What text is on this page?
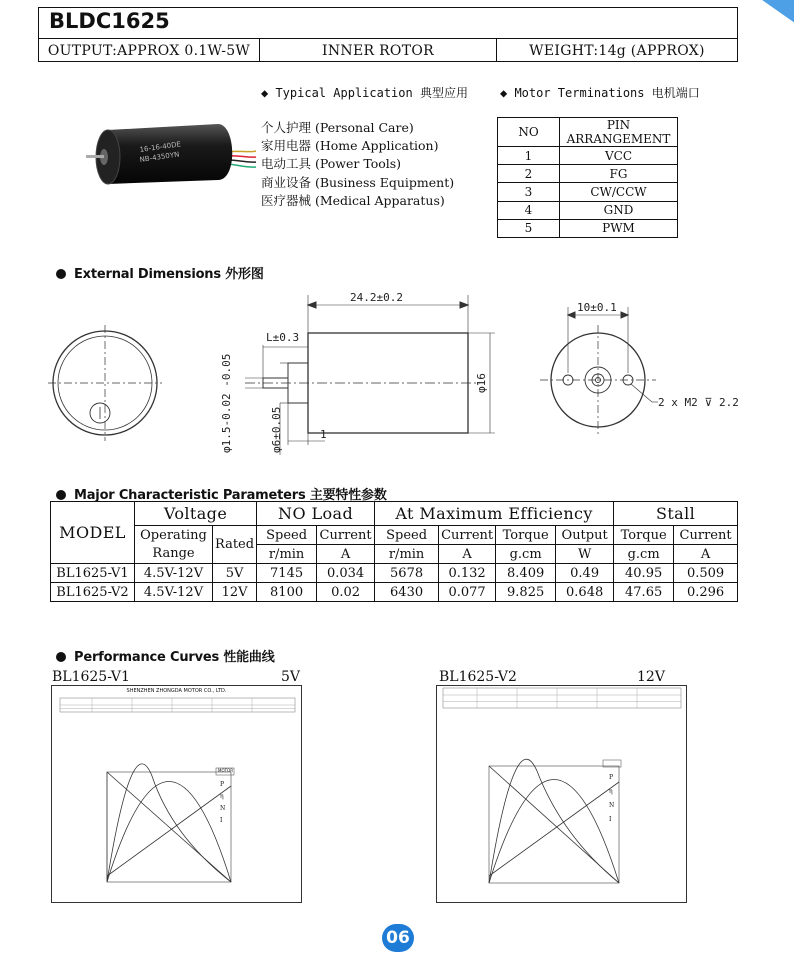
BLDC1625
OUTPUT:APPROX 0.1W-5W	INNER ROTOR	WEIGHT:14g (APPROX)
◆ Typical Application 典型应用	◆ Motor Terminations 电机端口
16-16-40DE
NB-4350YN
个人护理 (Personal Care)
家用电器 (Home Application)
电动工具 (Power Tools)
商业设备 (Business Equipment)
医疗器械 (Medical Apparatus)
NO	PIN ARRANGEMENT
1	VCC
2	FG
3	CW/CCW
4	GND
5	PWM
External Dimensions 外形图
24.2±0.2
L±0.3
φ16
φ1.5-0.02 -0.05	φ6±0.05	1
10±0.1
2 x M2 ⊽ 2.2
Major Characteristic Parameters 主要特性参数
MODEL	Voltage		NO Load		At Maximum Efficiency				Stall	
	Operating	Rated	Speed	Current	Speed	Current	Torque	Output	Torque	Current
	Range		r/min	A	r/min	A	g.cm	W	g.cm	A
BL1625-V1	4.5V-12V	5V	7145	0.034	5678	0.132	8.409	0.49	40.95	0.509
BL1625-V2	4.5V-12V	12V	8100	0.02	6430	0.077	9.825	0.648	47.65	0.296
Performance Curves 性能曲线
BL1625-V1	5V	BL1625-V2	12V
SHENZHEN ZHONGDA MOTOR CO., LTD.
MOTOR
P
η
N
I
P
η
N
I
06
